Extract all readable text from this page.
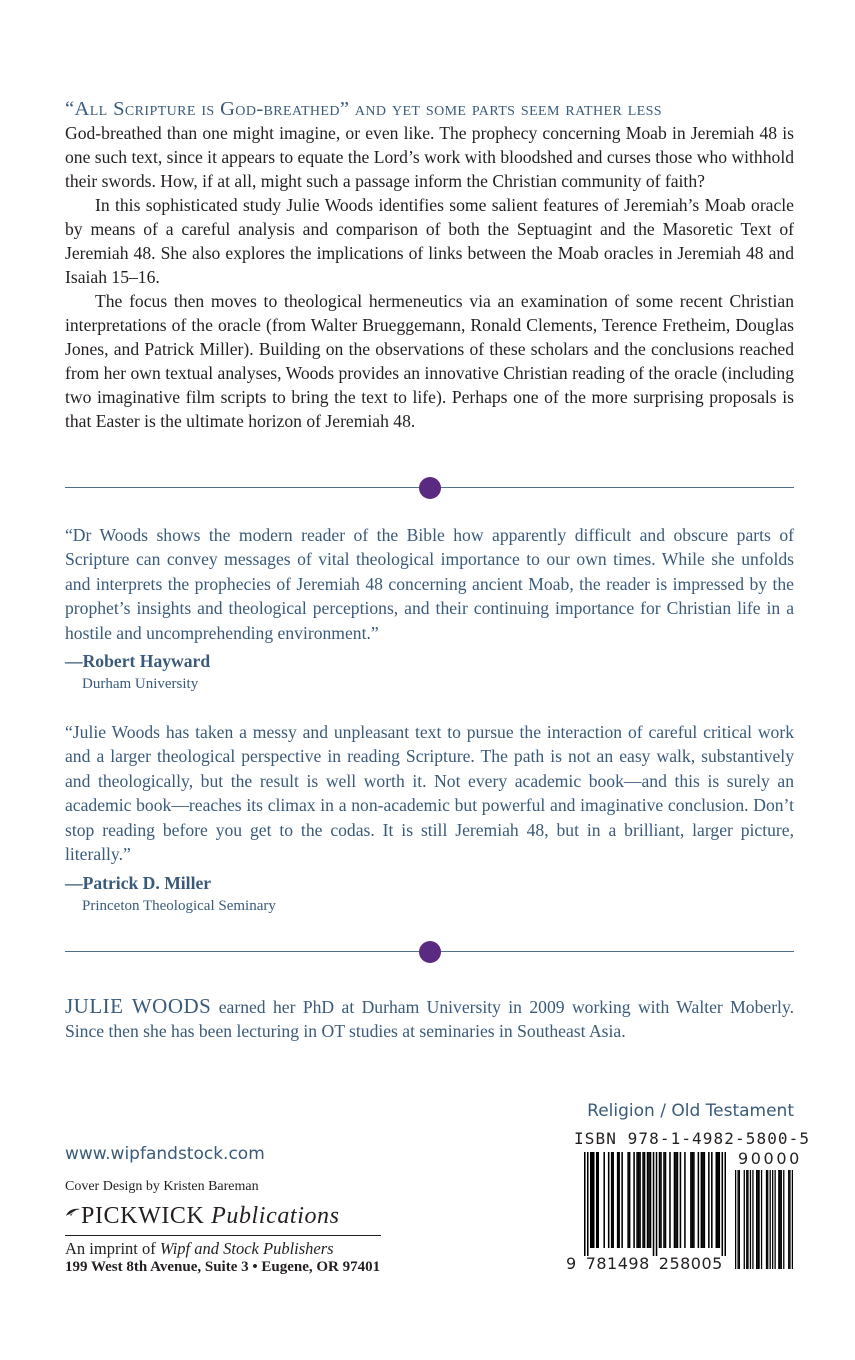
“All Scripture is God-breathed” and yet some parts seem rather less
God-breathed than one might imagine, or even like. The prophecy concerning Moab in Jeremiah 48 is one such text, since it appears to equate the Lord’s work with bloodshed and curses those who withhold their swords. How, if at all, might such a passage inform the Christian community of faith?

In this sophisticated study Julie Woods identifies some salient features of Jeremiah’s Moab oracle by means of a careful analysis and comparison of both the Septuagint and the Masoretic Text of Jeremiah 48. She also explores the implications of links between the Moab oracles in Jeremiah 48 and Isaiah 15–16.

The focus then moves to theological hermeneutics via an examination of some recent Christian interpretations of the oracle (from Walter Brueggemann, Ronald Clements, Terence Fretheim, Douglas Jones, and Patrick Miller). Building on the observations of these scholars and the conclusions reached from her own textual analyses, Woods provides an innovative Christian reading of the oracle (including two imaginative film scripts to bring the text to life). Perhaps one of the more surprising proposals is that Easter is the ultimate horizon of Jeremiah 48.

“Dr Woods shows the modern reader of the Bible how apparently difficult and obscure parts of Scripture can convey messages of vital theological importance to our own times. While she unfolds and interprets the prophecies of Jeremiah 48 concerning ancient Moab, the reader is impressed by the prophet’s insights and theological perceptions, and their continuing importance for Christian life in a hostile and uncomprehending environment.”

—Robert Hayward
Durham University

“Julie Woods has taken a messy and unpleasant text to pursue the interaction of careful critical work and a larger theological perspective in reading Scripture. The path is not an easy walk, substantively and theologically, but the result is well worth it. Not every academic book—and this is surely an academic book—reaches its climax in a non-academic but powerful and imaginative conclusion. Don’t stop reading before you get to the codas. It is still Jeremiah 48, but in a brilliant, larger picture, literally.”

—Patrick D. Miller
Princeton Theological Seminary

JULIE WOODS earned her PhD at Durham University in 2009 working with Walter Moberly. Since then she has been lecturing in OT studies at seminaries in Southeast Asia.

Religion / Old Testament
www.wipfandstock.com
Cover Design by Kristen Bareman
PICKWICK Publications
An imprint of Wipf and Stock Publishers
199 West 8th Avenue, Suite 3 • Eugene, OR 97401
ISBN 978-1-4982-5800-5
90000
9 781498 258005
